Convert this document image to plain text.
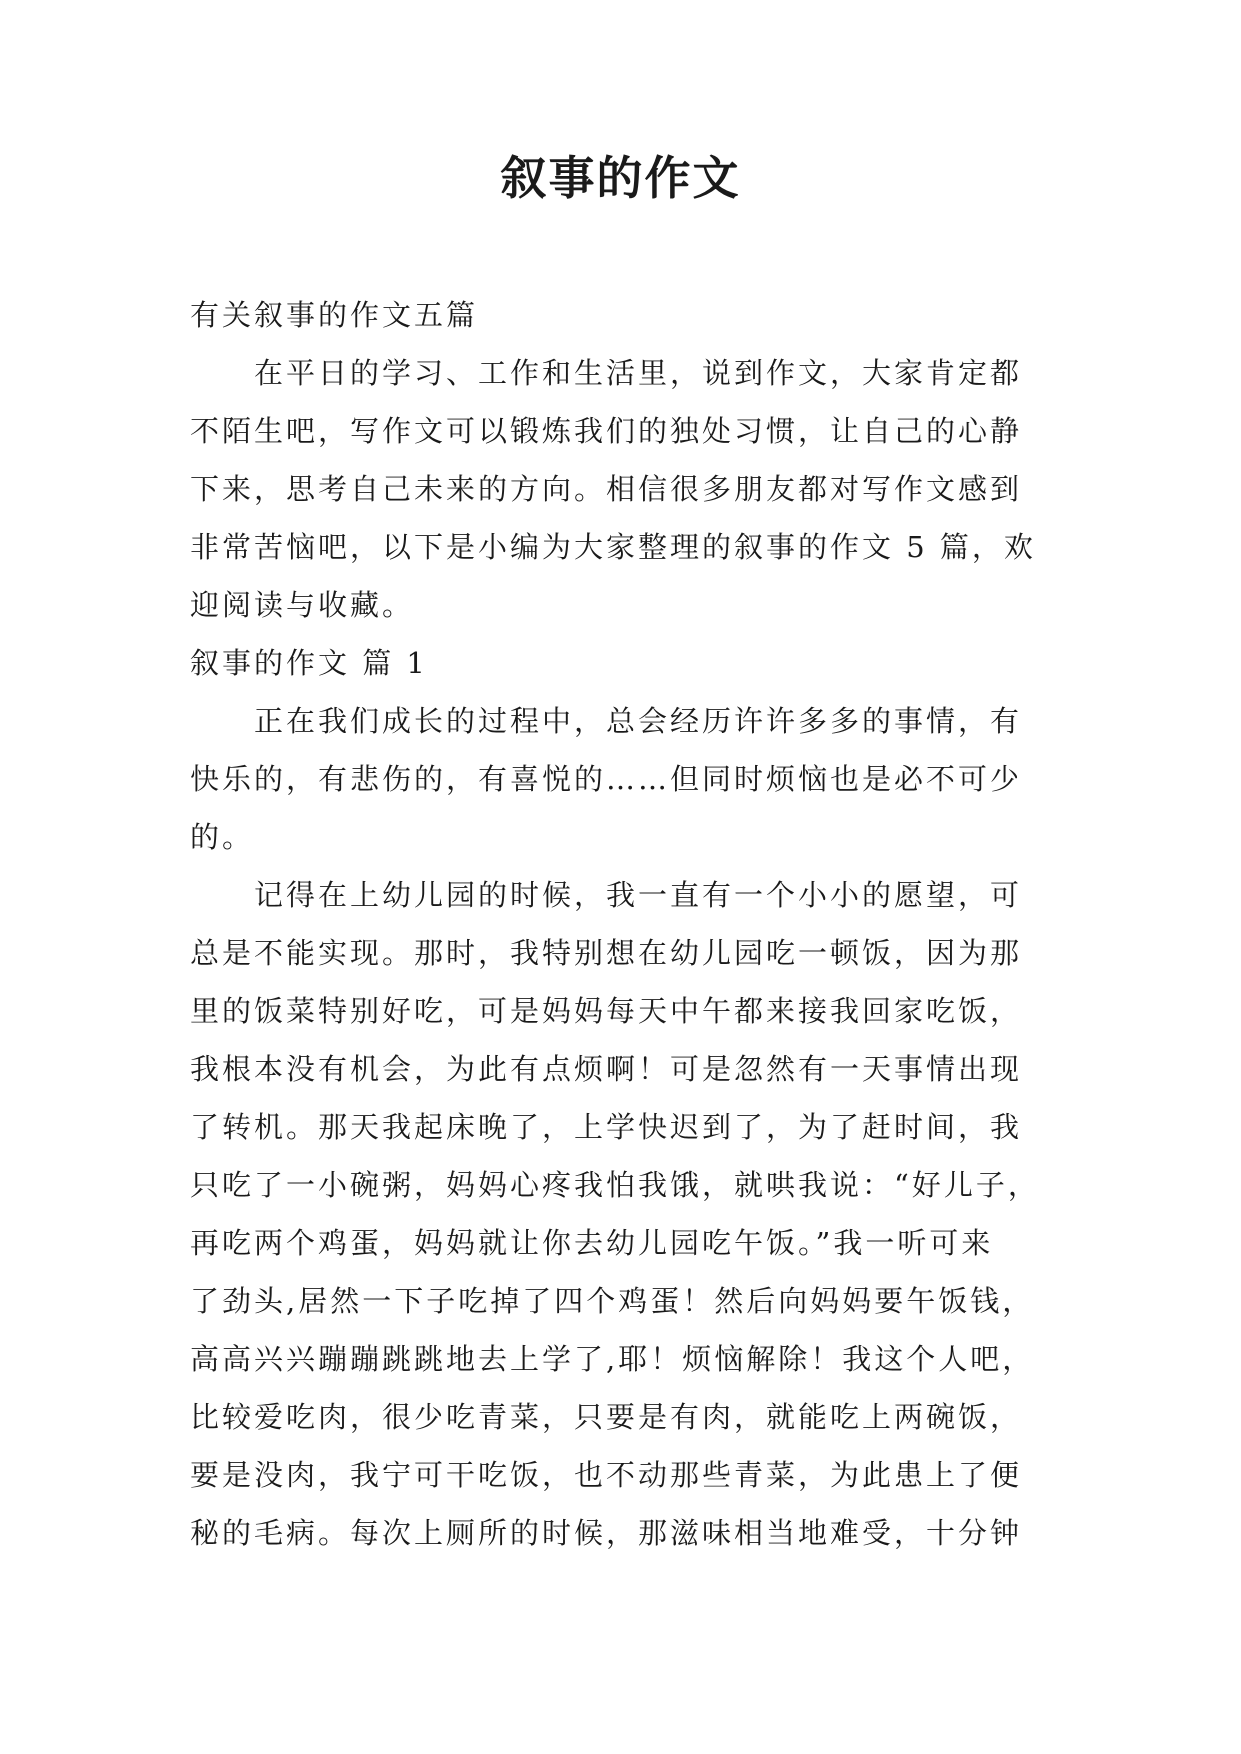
叙事的作文
有关叙事的作文五篇
在平日的学习、工作和生活里，说到作文，大家肯定都
不陌生吧，写作文可以锻炼我们的独处习惯，让自己的心静
下来，思考自己未来的方向。相信很多朋友都对写作文感到
非常苦恼吧，以下是小编为大家整理的叙事的作文 5 篇，欢
迎阅读与收藏。
叙事的作文 篇 1
正在我们成长的过程中，总会经历许许多多的事情，有
快乐的，有悲伤的，有喜悦的……但同时烦恼也是必不可少
的。
记得在上幼儿园的时候，我一直有一个小小的愿望，可
总是不能实现。那时，我特别想在幼儿园吃一顿饭，因为那
里的饭菜特别好吃，可是妈妈每天中午都来接我回家吃饭，
我根本没有机会，为此有点烦啊！可是忽然有一天事情出现
了转机。那天我起床晚了，上学快迟到了，为了赶时间，我
只吃了一小碗粥，妈妈心疼我怕我饿，就哄我说：“好儿子，
再吃两个鸡蛋，妈妈就让你去幼儿园吃午饭。”我一听可来
了劲头,居然一下子吃掉了四个鸡蛋！然后向妈妈要午饭钱，
高高兴兴蹦蹦跳跳地去上学了,耶！烦恼解除！我这个人吧，
比较爱吃肉，很少吃青菜，只要是有肉，就能吃上两碗饭，
要是没肉，我宁可干吃饭，也不动那些青菜，为此患上了便
秘的毛病。每次上厕所的时候，那滋味相当地难受，十分钟
